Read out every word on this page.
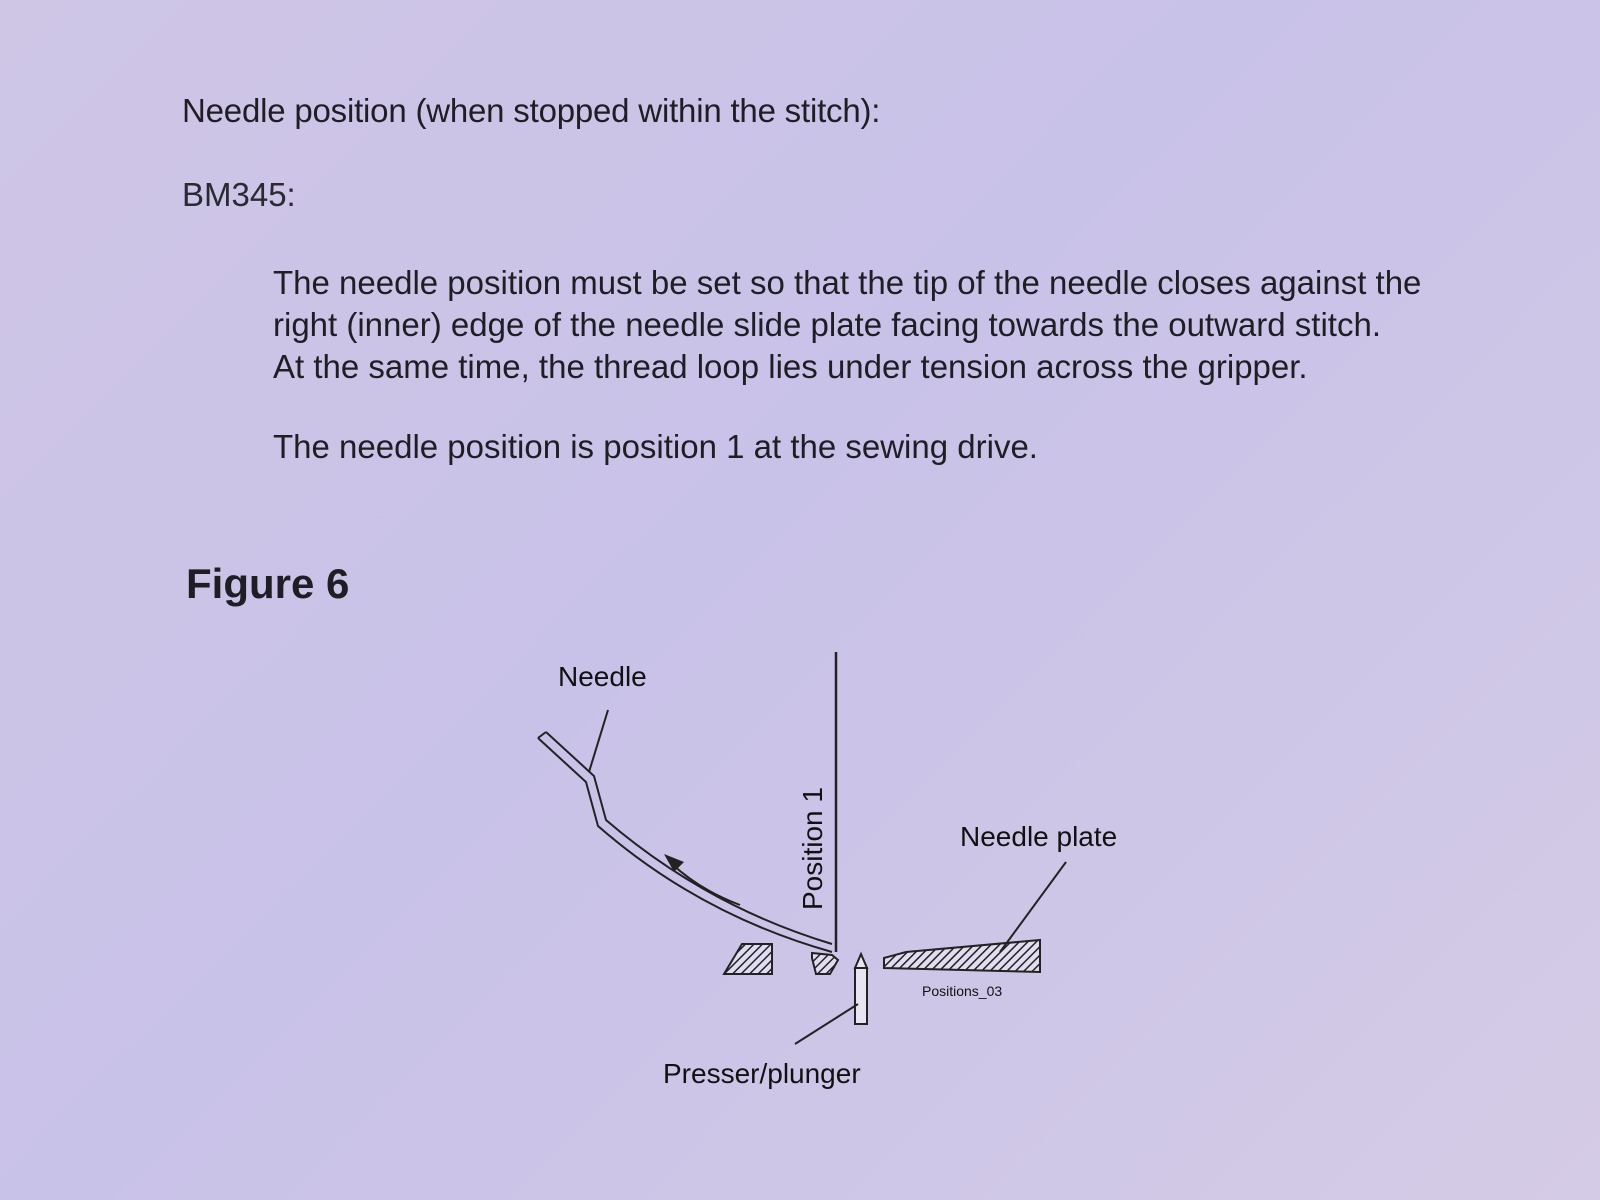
Needle position (when stopped within the stitch):
BM345:

The needle position must be set so that the tip of the needle closes against the right (inner) edge of the needle slide plate facing towards the outward stitch.

At the same time, the thread loop lies under tension across the gripper.

The needle position is position 1 at the sewing drive.

Figure 6
Needle
Position 1
Presser/plunger
Needle plate
Positions_03
